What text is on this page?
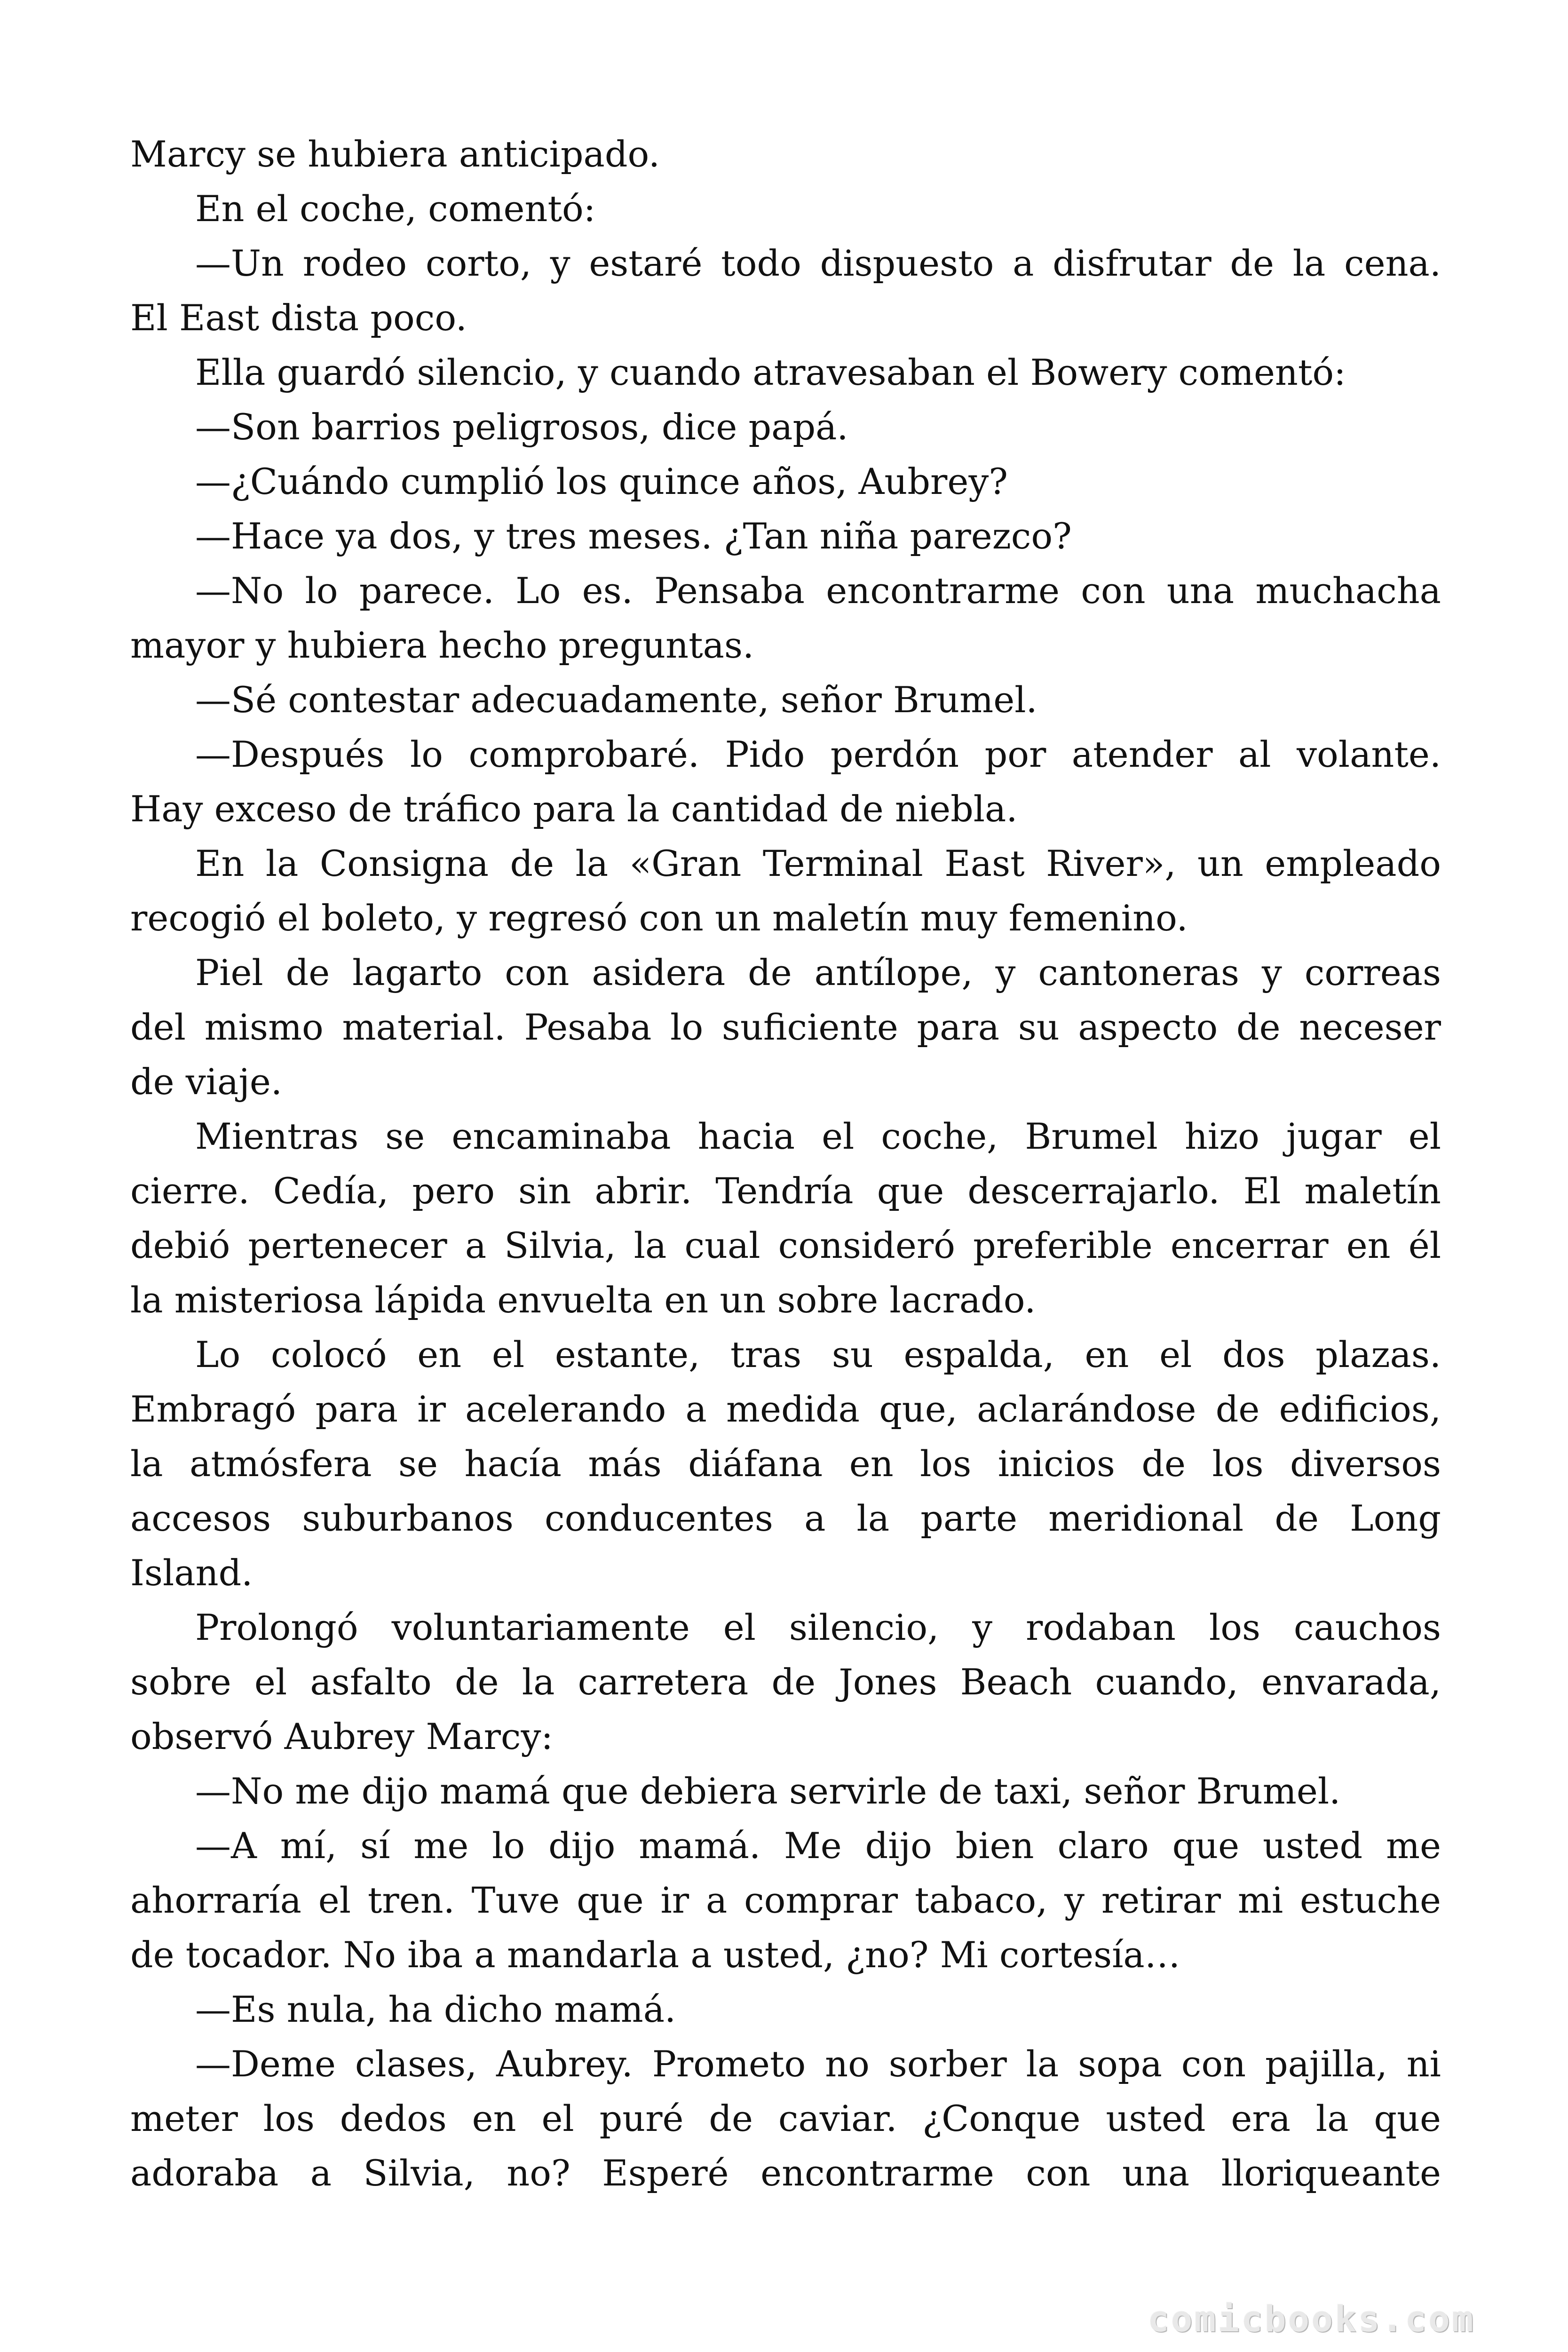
Marcy se hubiera anticipado.
En el coche, comentó:
—Un rodeo corto, y estaré todo dispuesto a disfrutar de la cena.
El East dista poco.
Ella guardó silencio, y cuando atravesaban el Bowery comentó:
—Son barrios peligrosos, dice papá.
—¿Cuándo cumplió los quince años, Aubrey?
—Hace ya dos, y tres meses. ¿Tan niña parezco?
—No lo parece. Lo es. Pensaba encontrarme con una muchacha
mayor y hubiera hecho preguntas.
—Sé contestar adecuadamente, señor Brumel.
—Después lo comprobaré. Pido perdón por atender al volante.
Hay exceso de tráfico para la cantidad de niebla.
En la Consigna de la «Gran Terminal East River», un empleado
recogió el boleto, y regresó con un maletín muy femenino.
Piel de lagarto con asidera de antílope, y cantoneras y correas
del mismo material. Pesaba lo suficiente para su aspecto de neceser
de viaje.
Mientras se encaminaba hacia el coche, Brumel hizo jugar el
cierre. Cedía, pero sin abrir. Tendría que descerrajarlo. El maletín
debió pertenecer a Silvia, la cual consideró preferible encerrar en él
la misteriosa lápida envuelta en un sobre lacrado.
Lo colocó en el estante, tras su espalda, en el dos plazas.
Embragó para ir acelerando a medida que, aclarándose de edificios,
la atmósfera se hacía más diáfana en los inicios de los diversos
accesos suburbanos conducentes a la parte meridional de Long
Island.
Prolongó voluntariamente el silencio, y rodaban los cauchos
sobre el asfalto de la carretera de Jones Beach cuando, envarada,
observó Aubrey Marcy:
—No me dijo mamá que debiera servirle de taxi, señor Brumel.
—A mí, sí me lo dijo mamá. Me dijo bien claro que usted me
ahorraría el tren. Tuve que ir a comprar tabaco, y retirar mi estuche
de tocador. No iba a mandarla a usted, ¿no? Mi cortesía…
—Es nula, ha dicho mamá.
—Deme clases, Aubrey. Prometo no sorber la sopa con pajilla, ni
meter los dedos en el puré de caviar. ¿Conque usted era la que
adoraba a Silvia, no? Esperé encontrarme con una lloriqueante
comicbooks.com
